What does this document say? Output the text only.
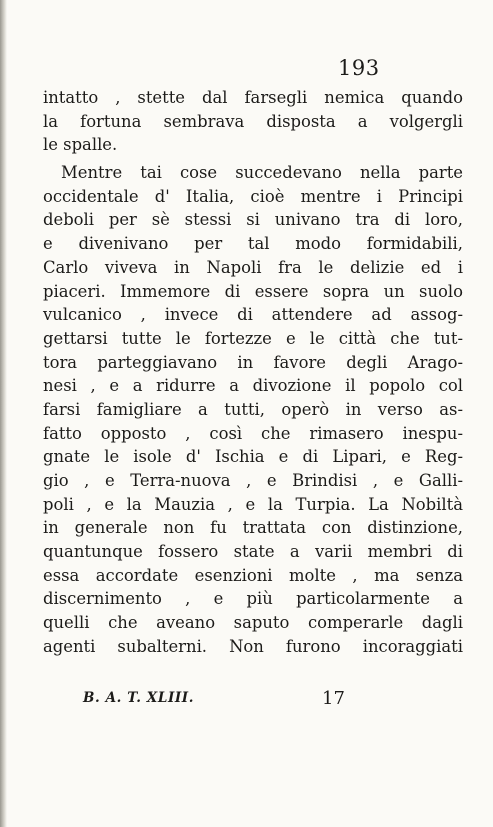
193
intatto , stette dal farsegli nemica quando
la fortuna sembrava disposta a volgergli
le spalle.
Mentre tai cose succedevano nella parte
occidentale d' Italia, cioè mentre i Principi
deboli per sè stessi si univano tra di loro,
e divenivano per tal modo formidabili,
Carlo viveva in Napoli fra le delizie ed i
piaceri. Immemore di essere sopra un suolo
vulcanico , invece di attendere ad assog-
gettarsi tutte le fortezze e le città che tut-
tora parteggiavano in favore degli Arago-
nesi , e a ridurre a divozione il popolo col
farsi famigliare a tutti, operò in verso as-
fatto opposto , così che rimasero inespu-
gnate le isole d' Ischia e di Lipari, e Reg-
gio , e Terra-nuova , e Brindisi , e Galli-
poli , e la Mauzia , e la Turpia. La Nobiltà
in generale non fu trattata con distinzione,
quantunque fossero state a varii membri di
essa accordate esenzioni molte , ma senza
discernimento , e più particolarmente a
quelli che aveano saputo comperarle dagli
agenti subalterni. Non furono incoraggiati
B. A. T. XLIII.	17
